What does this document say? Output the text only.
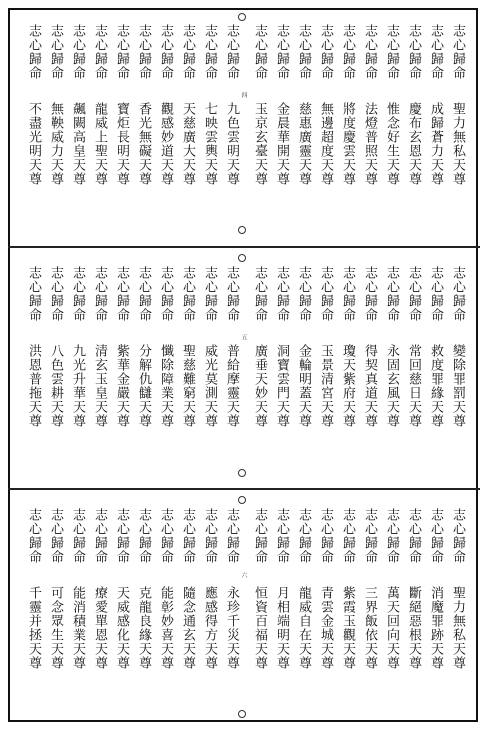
志心歸命聖力無私天尊
志心歸命成歸蒼力天尊
志心歸命慶布玄恩天尊
志心歸命惟念好生天尊
志心歸命法燈普照天尊
志心歸命將度慶雲天尊
志心歸命無邊超度天尊
志心歸命慈惠廣靈天尊
志心歸命金晨華開天尊
志心歸命玉京玄臺天尊
志心歸命九色雲明天尊
志心歸命七映雲輿天尊
志心歸命天慈廣大天尊
志心歸命觀感妙道天尊
志心歸命香光無礙天尊
志心歸命寶炬長明天尊
志心歸命龍威上聖天尊
志心歸命飆闕高皇天尊
志心歸命無鞅威力天尊
志心歸命不盡光明天尊
志心歸命變除罪罰天尊
志心歸命救度罪緣天尊
志心歸命常回慈日天尊
志心歸命永固玄風天尊
志心歸命得契真道天尊
志心歸命瓊天紫府天尊
志心歸命玉景清宮天尊
志心歸命金輪明蓋天尊
志心歸命洞寶雲門天尊
志心歸命廣垂天妙天尊
志心歸命普給摩靈天尊
志心歸命威光莫測天尊
志心歸命聖慈難窮天尊
志心歸命懺除障業天尊
志心歸命分解仇讎天尊
志心歸命紫華金嚴天尊
志心歸命清玄玉皇天尊
志心歸命九光升華天尊
志心歸命八色雲耕天尊
志心歸命洪恩普拖天尊
志心歸命聖力無私天尊
志心歸命消魔罪跡天尊
志心歸命斷絕惡根天尊
志心歸命萬天回向天尊
志心歸命三界飯依天尊
志心歸命紫霞玉觀天尊
志心歸命青雲金城天尊
志心歸命龍威自在天尊
志心歸命月相端明天尊
志心歸命恒資百福天尊
志心歸命永珍千災天尊
志心歸命應感得方天尊
志心歸命隨念通玄天尊
志心歸命能彰妙喜天尊
志心歸命克龍良緣天尊
志心歸命天威感化天尊
志心歸命療愛單恩天尊
志心歸命能消積業天尊
志心歸命可念眾生天尊
志心歸命千靈并拯天尊
四
五
六
